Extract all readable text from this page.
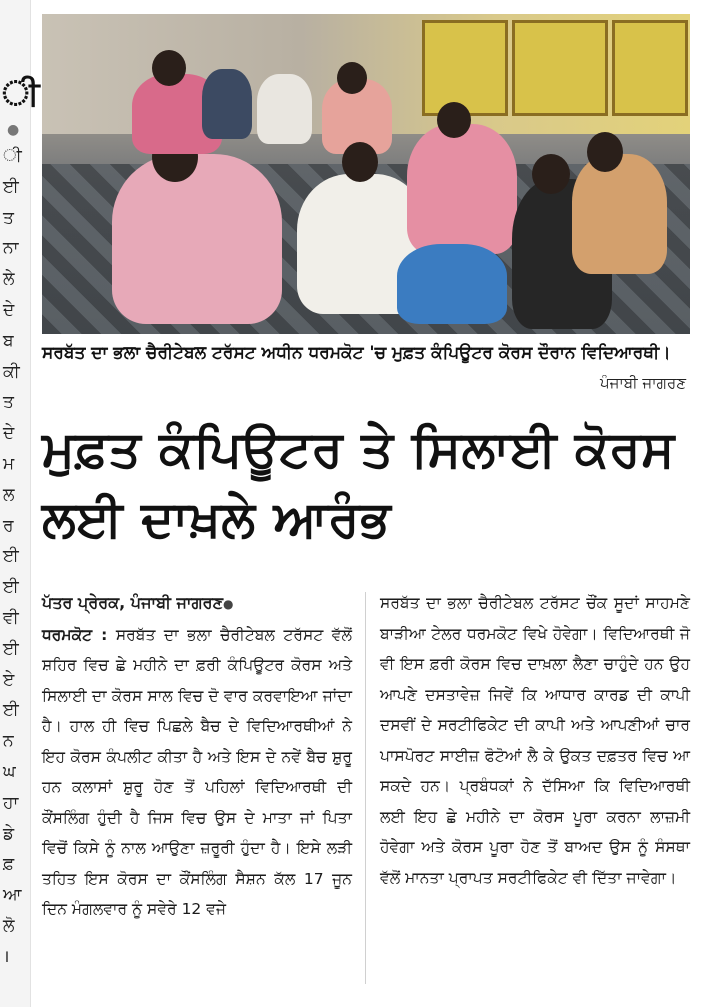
ੀ
●
ੀ
ਈ
ਤ
ਨਾ
ਲੇ
ਦੇ
ਬ
ਕੀ
ਤ
ਦੇ
ਮ
ਲ
ਰ
ਈ
ਈ
ਵੀ
ਈ
ਏ
ਈ
ਨ
ਘ
ਹਾ
ਡੇ
ਫ਼
ਆ
ਲੋ
।
ਸਰਬੱਤ ਦਾ ਭਲਾ ਚੈਰੀਟੇਬਲ ਟਰੱਸਟ ਅਧੀਨ ਧਰਮਕੋਟ 'ਚ ਮੁਫ਼ਤ ਕੰਪਿਊਟਰ ਕੋਰਸ ਦੌਰਾਨ ਵਿਦਿਆਰਥੀ।
ਪੰਜਾਬੀ ਜਾਗਰਣ
ਮੁਫ਼ਤ ਕੰਪਿਊਟਰ ਤੇ ਸਿਲਾਈ ਕੋਰਸ ਲਈ ਦਾਖ਼ਲੇ ਆਰੰਭ
ਪੱਤਰ ਪ੍ਰੇਰਕ, ਪੰਜਾਬੀ ਜਾਗਰਣ●
ਧਰਮਕੋਟ : ਸਰਬੱਤ ਦਾ ਭਲਾ ਚੈਰੀਟੇਬਲ ਟਰੱਸਟ ਵੱਲੋਂ ਸ਼ਹਿਰ ਵਿਚ ਛੇ ਮਹੀਨੇ ਦਾ ਫ਼ਰੀ ਕੰਪਿਊਟਰ ਕੋਰਸ ਅਤੇ ਸਿਲਾਈ ਦਾ ਕੋਰਸ ਸਾਲ ਵਿਚ ਦੋ ਵਾਰ ਕਰਵਾਇਆ ਜਾਂਦਾ ਹੈ। ਹਾਲ ਹੀ ਵਿਚ ਪਿਛਲੇ ਬੈਚ ਦੇ ਵਿਦਿਆਰਥੀਆਂ ਨੇ ਇਹ ਕੋਰਸ ਕੰਪਲੀਟ ਕੀਤਾ ਹੈ ਅਤੇ ਇਸ ਦੇ ਨਵੇਂ ਬੈਚ ਸ਼ੁਰੂ ਹਨ ਕਲਾਸਾਂ ਸ਼ੁਰੂ ਹੋਣ ਤੋਂ ਪਹਿਲਾਂ ਵਿਦਿਆਰਥੀ ਦੀ ਕੌਂਸਲਿੰਗ ਹੁੰਦੀ ਹੈ ਜਿਸ ਵਿਚ ਉਸ ਦੇ ਮਾਤਾ ਜਾਂ ਪਿਤਾ ਵਿਚੋਂ ਕਿਸੇ ਨੂੰ ਨਾਲ ਆਉਣਾ ਜ਼ਰੂਰੀ ਹੁੰਦਾ ਹੈ। ਇਸੇ ਲੜੀ ਤਹਿਤ ਇਸ ਕੋਰਸ ਦਾ ਕੌਂਸਲਿੰਗ ਸੈਸ਼ਨ ਕੱਲ 17 ਜੂਨ ਦਿਨ ਮੰਗਲਵਾਰ ਨੂੰ ਸਵੇਰੇ 12 ਵਜੇ
ਸਰਬੱਤ ਦਾ ਭਲਾ ਚੈਰੀਟੇਬਲ ਟਰੱਸਟ ਚੌਂਕ ਸੂਦਾਂ ਸਾਹਮਣੇ ਬਾੜੀਆ ਟੇਲਰ ਧਰਮਕੋਟ ਵਿਖੇ ਹੋਵੇਗਾ। ਵਿਦਿਆਰਥੀ ਜੋ ਵੀ ਇਸ ਫ਼ਰੀ ਕੋਰਸ ਵਿਚ ਦਾਖ਼ਲਾ ਲੈਣਾ ਚਾਹੁੰਦੇ ਹਨ ਉਹ ਆਪਣੇ ਦਸਤਾਵੇਜ਼ ਜਿਵੇਂ ਕਿ ਆਧਾਰ ਕਾਰਡ ਦੀ ਕਾਪੀ ਦਸਵੀਂ ਦੇ ਸਰਟੀਫਿਕੇਟ ਦੀ ਕਾਪੀ ਅਤੇ ਆਪਣੀਆਂ ਚਾਰ ਪਾਸਪੋਰਟ ਸਾਈਜ਼ ਫੋਟੋਆਂ ਲੈ ਕੇ ਉਕਤ ਦਫ਼ਤਰ ਵਿਚ ਆ ਸਕਦੇ ਹਨ। ਪ੍ਰਬੰਧਕਾਂ ਨੇ ਦੱਸਿਆ ਕਿ ਵਿਦਿਆਰਥੀ ਲਈ ਇਹ ਛੇ ਮਹੀਨੇ ਦਾ ਕੋਰਸ ਪੂਰਾ ਕਰਨਾ ਲਾਜ਼ਮੀ ਹੋਵੇਗਾ ਅਤੇ ਕੋਰਸ ਪੂਰਾ ਹੋਣ ਤੋਂ ਬਾਅਦ ਉਸ ਨੂੰ ਸੰਸਥਾ ਵੱਲੋਂ ਮਾਨਤਾ ਪ੍ਰਾਪਤ ਸਰਟੀਫਿਕੇਟ ਵੀ ਦਿੱਤਾ ਜਾਵੇਗਾ।
